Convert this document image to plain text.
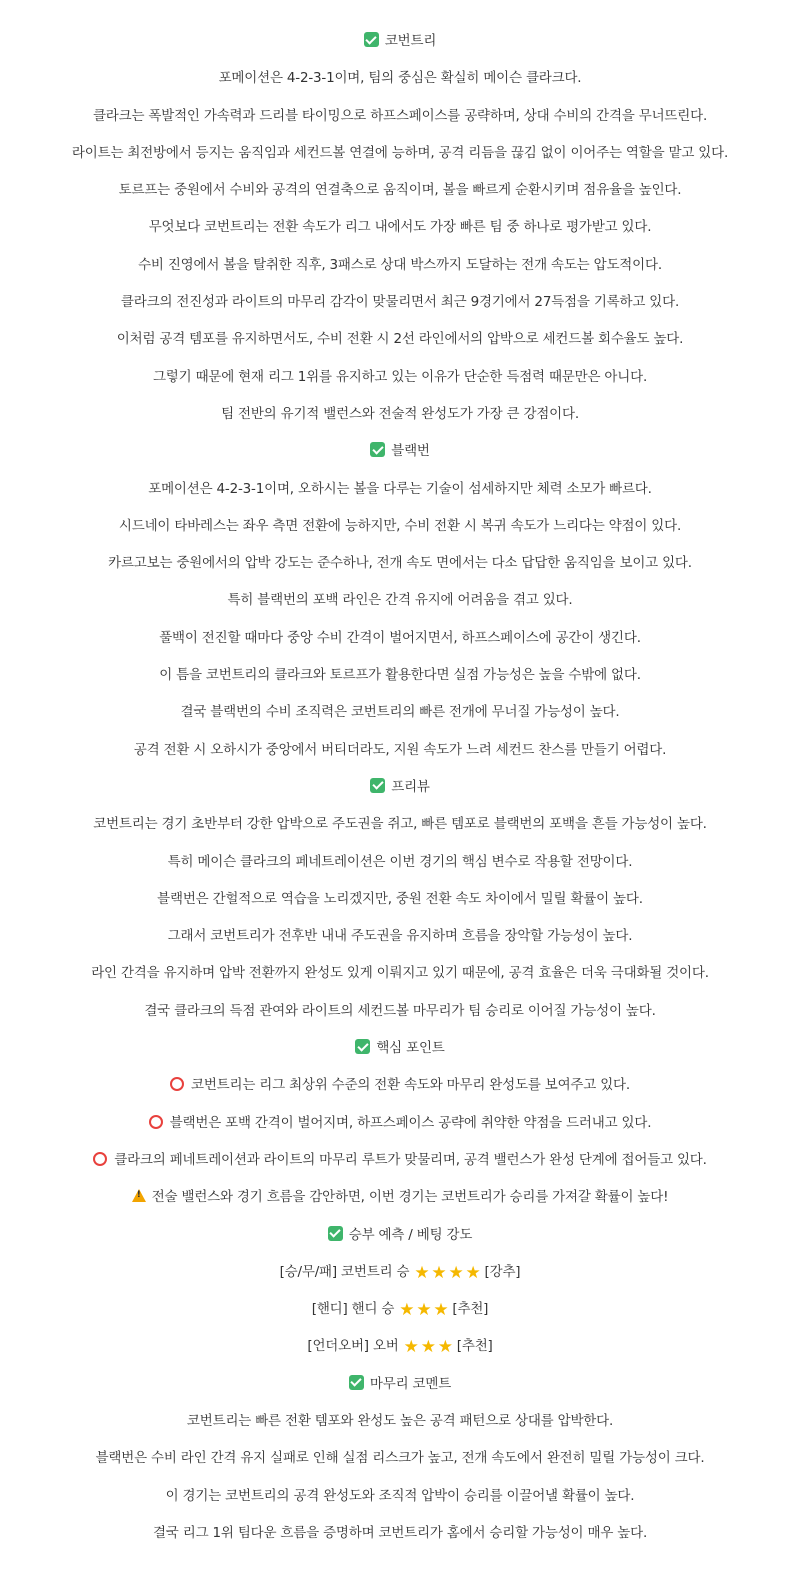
코번트리
포메이션은 4-2-3-1이며, 팀의 중심은 확실히 메이슨 클라크다.
클라크는 폭발적인 가속력과 드리블 타이밍으로 하프스페이스를 공략하며, 상대 수비의 간격을 무너뜨린다.
라이트는 최전방에서 등지는 움직임과 세컨드볼 연결에 능하며, 공격 리듬을 끊김 없이 이어주는 역할을 맡고 있다.
토르프는 중원에서 수비와 공격의 연결축으로 움직이며, 볼을 빠르게 순환시키며 점유율을 높인다.
무엇보다 코번트리는 전환 속도가 리그 내에서도 가장 빠른 팀 중 하나로 평가받고 있다.
수비 진영에서 볼을 탈취한 직후, 3패스로 상대 박스까지 도달하는 전개 속도는 압도적이다.
클라크의 전진성과 라이트의 마무리 감각이 맞물리면서 최근 9경기에서 27득점을 기록하고 있다.
이처럼 공격 템포를 유지하면서도, 수비 전환 시 2선 라인에서의 압박으로 세컨드볼 회수율도 높다.
그렇기 때문에 현재 리그 1위를 유지하고 있는 이유가 단순한 득점력 때문만은 아니다.
팀 전반의 유기적 밸런스와 전술적 완성도가 가장 큰 강점이다.
블랙번
포메이션은 4-2-3-1이며, 오하시는 볼을 다루는 기술이 섬세하지만 체력 소모가 빠르다.
시드네이 타바레스는 좌우 측면 전환에 능하지만, 수비 전환 시 복귀 속도가 느리다는 약점이 있다.
카르고보는 중원에서의 압박 강도는 준수하나, 전개 속도 면에서는 다소 답답한 움직임을 보이고 있다.
특히 블랙번의 포백 라인은 간격 유지에 어려움을 겪고 있다.
풀백이 전진할 때마다 중앙 수비 간격이 벌어지면서, 하프스페이스에 공간이 생긴다.
이 틈을 코번트리의 클라크와 토르프가 활용한다면 실점 가능성은 높을 수밖에 없다.
결국 블랙번의 수비 조직력은 코번트리의 빠른 전개에 무너질 가능성이 높다.
공격 전환 시 오하시가 중앙에서 버티더라도, 지원 속도가 느려 세컨드 찬스를 만들기 어렵다.
프리뷰
코번트리는 경기 초반부터 강한 압박으로 주도권을 쥐고, 빠른 템포로 블랙번의 포백을 흔들 가능성이 높다.
특히 메이슨 클라크의 페네트레이션은 이번 경기의 핵심 변수로 작용할 전망이다.
블랙번은 간헐적으로 역습을 노리겠지만, 중원 전환 속도 차이에서 밀릴 확률이 높다.
그래서 코번트리가 전후반 내내 주도권을 유지하며 흐름을 장악할 가능성이 높다.
라인 간격을 유지하며 압박 전환까지 완성도 있게 이뤄지고 있기 때문에, 공격 효율은 더욱 극대화될 것이다.
결국 클라크의 득점 관여와 라이트의 세컨드볼 마무리가 팀 승리로 이어질 가능성이 높다.
핵심 포인트
코번트리는 리그 최상위 수준의 전환 속도와 마무리 완성도를 보여주고 있다.
블랙번은 포백 간격이 벌어지며, 하프스페이스 공략에 취약한 약점을 드러내고 있다.
클라크의 페네트레이션과 라이트의 마무리 루트가 맞물리며, 공격 밸런스가 완성 단계에 접어들고 있다.
!전술 밸런스와 경기 흐름을 감안하면, 이번 경기는 코번트리가 승리를 가져갈 확률이 높다!
승부 예측 / 베팅 강도
[승/무/패] 코번트리 승 ★ ★ ★ ★ [강추]
[핸디] 핸디 승 ★ ★ ★ [추천]
[언더오버] 오버 ★ ★ ★ [추천]
마무리 코멘트
코번트리는 빠른 전환 템포와 완성도 높은 공격 패턴으로 상대를 압박한다.
블랙번은 수비 라인 간격 유지 실패로 인해 실점 리스크가 높고, 전개 속도에서 완전히 밀릴 가능성이 크다.
이 경기는 코번트리의 공격 완성도와 조직적 압박이 승리를 이끌어낼 확률이 높다.
결국 리그 1위 팀다운 흐름을 증명하며 코번트리가 홈에서 승리할 가능성이 매우 높다.
